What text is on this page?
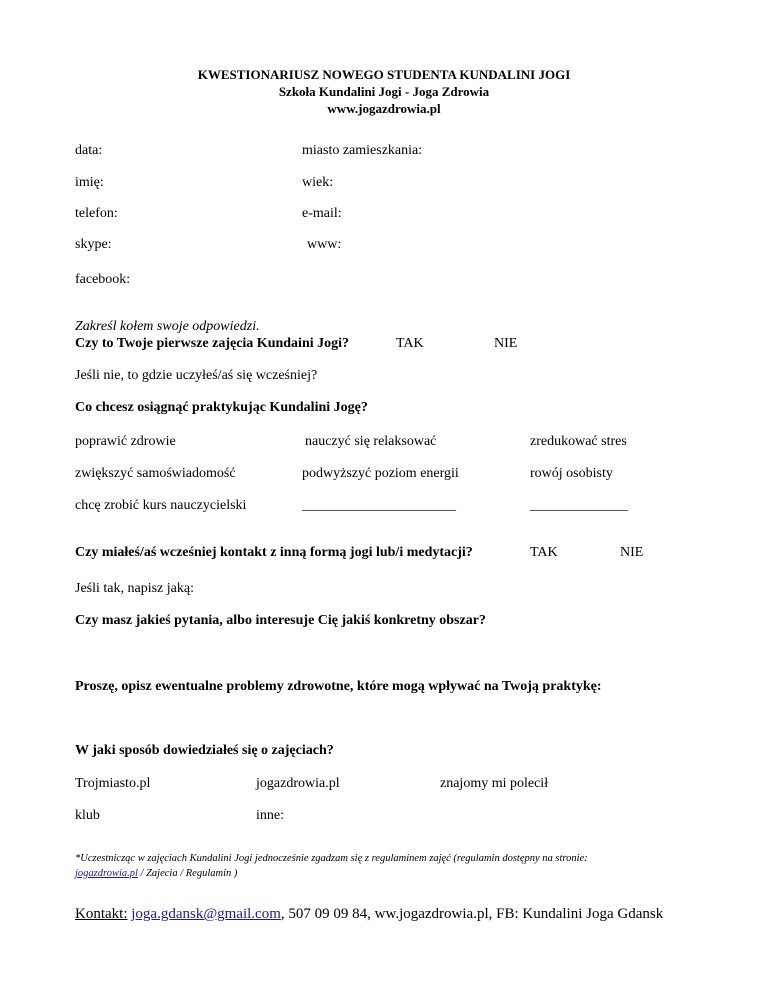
KWESTIONARIUSZ NOWEGO STUDENTA KUNDALINI JOGI
Szkoła Kundalini Jogi - Joga Zdrowia
www.jogazdrowia.pl
data:	miasto zamieszkania:
imię:	wiek:
telefon:	e-mail:
skype:	www:
facebook:
Zakreśl kołem swoje odpowiedzi.
Czy to Twoje pierwsze zajęcia Kundaini Jogi?	TAK	NIE
Jeśli nie, to gdzie uczyłeś/aś się wcześniej?
Co chcesz osiągnąć praktykując Kundalini Jogę?
poprawić zdrowie	nauczyć się relaksować	zredukować stres
zwiększyć samoświadomość	podwyższyć poziom energii	rowój osobisty
chcę zrobić kurs nauczycielski	______________________	______________
Czy miałeś/aś wcześniej kontakt z inną formą jogi lub/i medytacji?	TAK	NIE
Jeśli tak, napisz jaką:
Czy masz jakieś pytania, albo interesuje Cię jakiś konkretny obszar?
Proszę, opisz ewentualne problemy zdrowotne, które mogą wpływać na Twoją praktykę:
W jaki sposób dowiedziałeś się o zajęciach?
Trojmiasto.pl	jogazdrowia.pl	znajomy mi polecił
klub	inne:
*Uczestnicząc w zajęciach Kundalini Jogi jednocześnie zgadzam się z regulaminem zajęć (regulamin dostępny na stronie:
jogazdrowia.pl / Zajecia / Regulamin )
Kontakt: joga.gdansk@gmail.com, 507 09 09 84, ww.jogazdrowia.pl, FB: Kundalini Joga Gdansk
